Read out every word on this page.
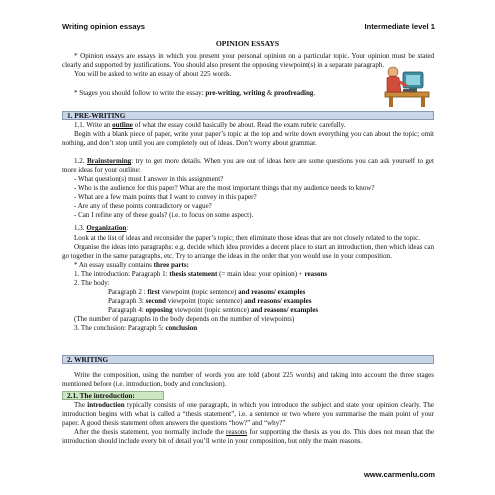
Writing opinion essays	Intermediate level 1
OPINION ESSAYS
* Opinion essays are essays in which you present your personal opinion on a particular topic. Your opinion must be stated clearly and supported by justifications. You should also present the opposing viewpoint(s) in a separate paragraph.
You will be asked to write an essay of about 225 words.
* Stages you should follow to write the essay: pre-writing, writing & proofreading.
1. PRE-WRITING
1.1. Write an outline of what the essay could basically be about. Read the exam rubric carefully.
Begin with a blank piece of paper, write your paper’s topic at the top and write down everything you can about the topic; omit nothing, and don’t stop until you are completely out of ideas. Don’t worry about grammar.
1.2. Brainstorming: try to get more details. When you are out of ideas here are some questions you can ask yourself to get more ideas for your outline:
- What question(s) must I answer in this assignment?
- Who is the audience for this paper? What are the most important things that my audience needs to know?
- What are a few main points that I want to convey in this paper?
- Are any of these points contradictory or vague?
- Can I refine any of these goals? (i.e. to focus on some aspect).
1.3. Organization:
Look at the list of ideas and reconsider the paper’s topic; then eliminate those ideas that are not closely related to the topic.
Organise the ideas into paragraphs: e.g. decide which idea provides a decent place to start an introduction, then which ideas can go together in the same paragraphs, etc. Try to arrange the ideas in the order that you would use in your composition.
* An essay usually contains three parts:
1. The introduction: Paragraph 1: thesis statement (= main idea: your opinion) + reasons
2. The body:
Paragraph 2 : first viewpoint (topic sentence) and reasons/ examples
Paragraph 3: second viewpoint (topic sentence) and reasons/ examples
Paragraph 4: opposing viewpoint (topic sentence) and reasons/ examples
(The number of paragraphs in the body depends on the number of viewpoints)
3. The conclusion: Paragraph 5: conclusion
2. WRITING
Write the composition, using the number of words you are told (about 225 words) and taking into account the three stages mentioned before (i.e. introduction, body and conclusion).
2.1. The introduction:
The introduction typically consists of one paragraph, in which you introduce the subject and state your opinion clearly. The introduction begins with what is called a “thesis statement”, i.e. a sentence or two where you summarise the main point of your paper. A good thesis statement often answers the questions “how?” and “why?”
After the thesis statement, you normally include the reasons for supporting the thesis as you do. This does not mean that the introduction should include every bit of detail you’ll write in your composition, but only the main reasons.
www.carmenlu.com
